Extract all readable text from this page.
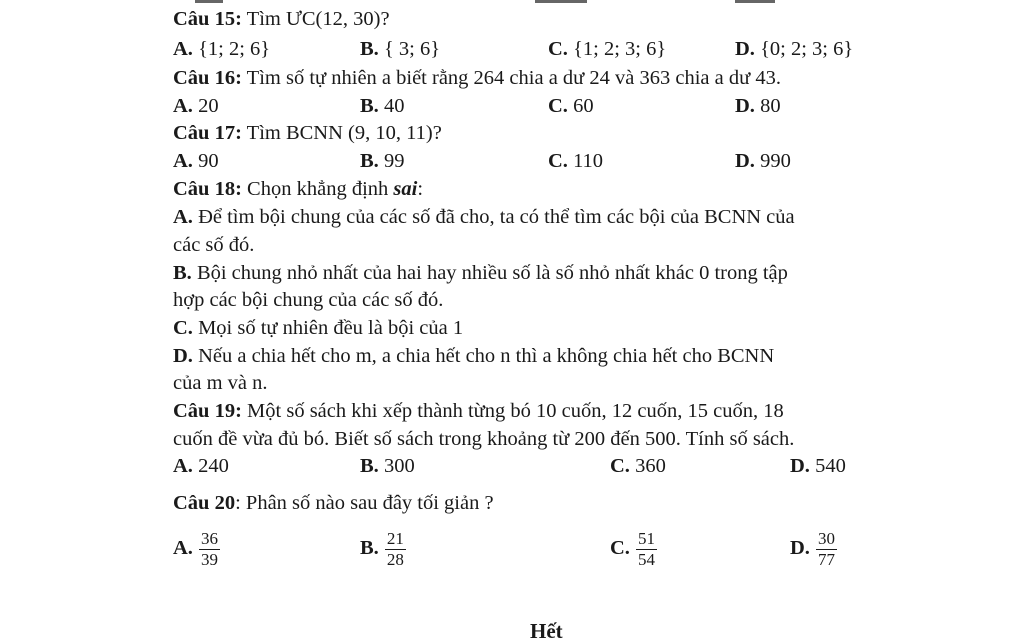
Câu 15: Tìm ƯC(12, 30)?
A. {1; 2; 6}	B. { 3; 6}	C. {1; 2; 3; 6}	D. {0; 2; 3; 6}
Câu 16: Tìm số tự nhiên a biết rằng 264 chia a dư 24 và 363 chia a dư 43.
A. 20	B. 40	C. 60	D. 80
Câu 17: Tìm BCNN (9, 10, 11)?
A. 90	B. 99	C. 110	D. 990
Câu 18: Chọn khẳng định sai:
A. Để tìm bội chung của các số đã cho, ta có thể tìm các bội của BCNN của
các số đó.
B. Bội chung nhỏ nhất của hai hay nhiều số là số nhỏ nhất khác 0 trong tập
hợp các bội chung của các số đó.
C. Mọi số tự nhiên đều là bội của 1
D. Nếu a chia hết cho m, a chia hết cho n thì a không chia hết cho BCNN
của m và n.
Câu 19: Một số sách khi xếp thành từng bó 10 cuốn, 12 cuốn, 15 cuốn, 18
cuốn đề vừa đủ bó. Biết số sách trong khoảng từ 200 đến 500. Tính số sách.
A. 240	B. 300	C. 360	D. 540
Câu 20: Phân số nào sau đây tối giản ?
A. $\frac{36}{39}$	B. $\frac{21}{28}$	C. $\frac{51}{54}$	D. $\frac{30}{77}$
Hết
